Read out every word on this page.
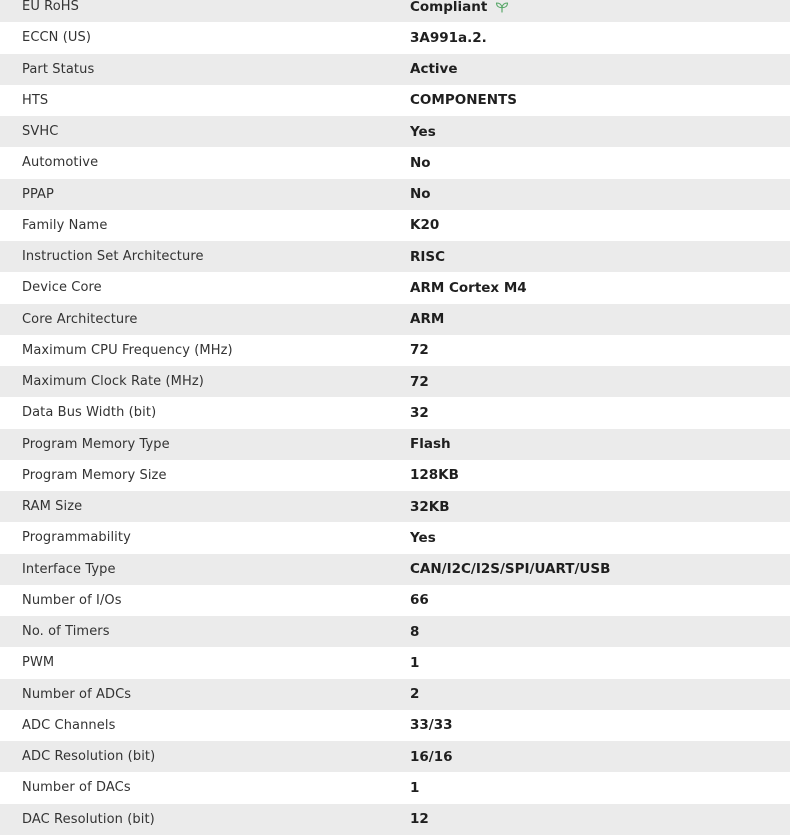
EU RoHS	Compliant

ECCN (US)	3A991a.2.
Part Status	Active
HTS	COMPONENTS
SVHC	Yes
Automotive	No
PPAP	No
Family Name	K20
Instruction Set Architecture	RISC
Device Core	ARM Cortex M4
Core Architecture	ARM
Maximum CPU Frequency (MHz)	72
Maximum Clock Rate (MHz)	72
Data Bus Width (bit)	32
Program Memory Type	Flash
Program Memory Size	128KB
RAM Size	32KB
Programmability	Yes
Interface Type	CAN/I2C/I2S/SPI/UART/USB
Number of I/Os	66
No. of Timers	8
PWM	1
Number of ADCs	2
ADC Channels	33/33
ADC Resolution (bit)	16/16
Number of DACs	1
DAC Resolution (bit)	12
